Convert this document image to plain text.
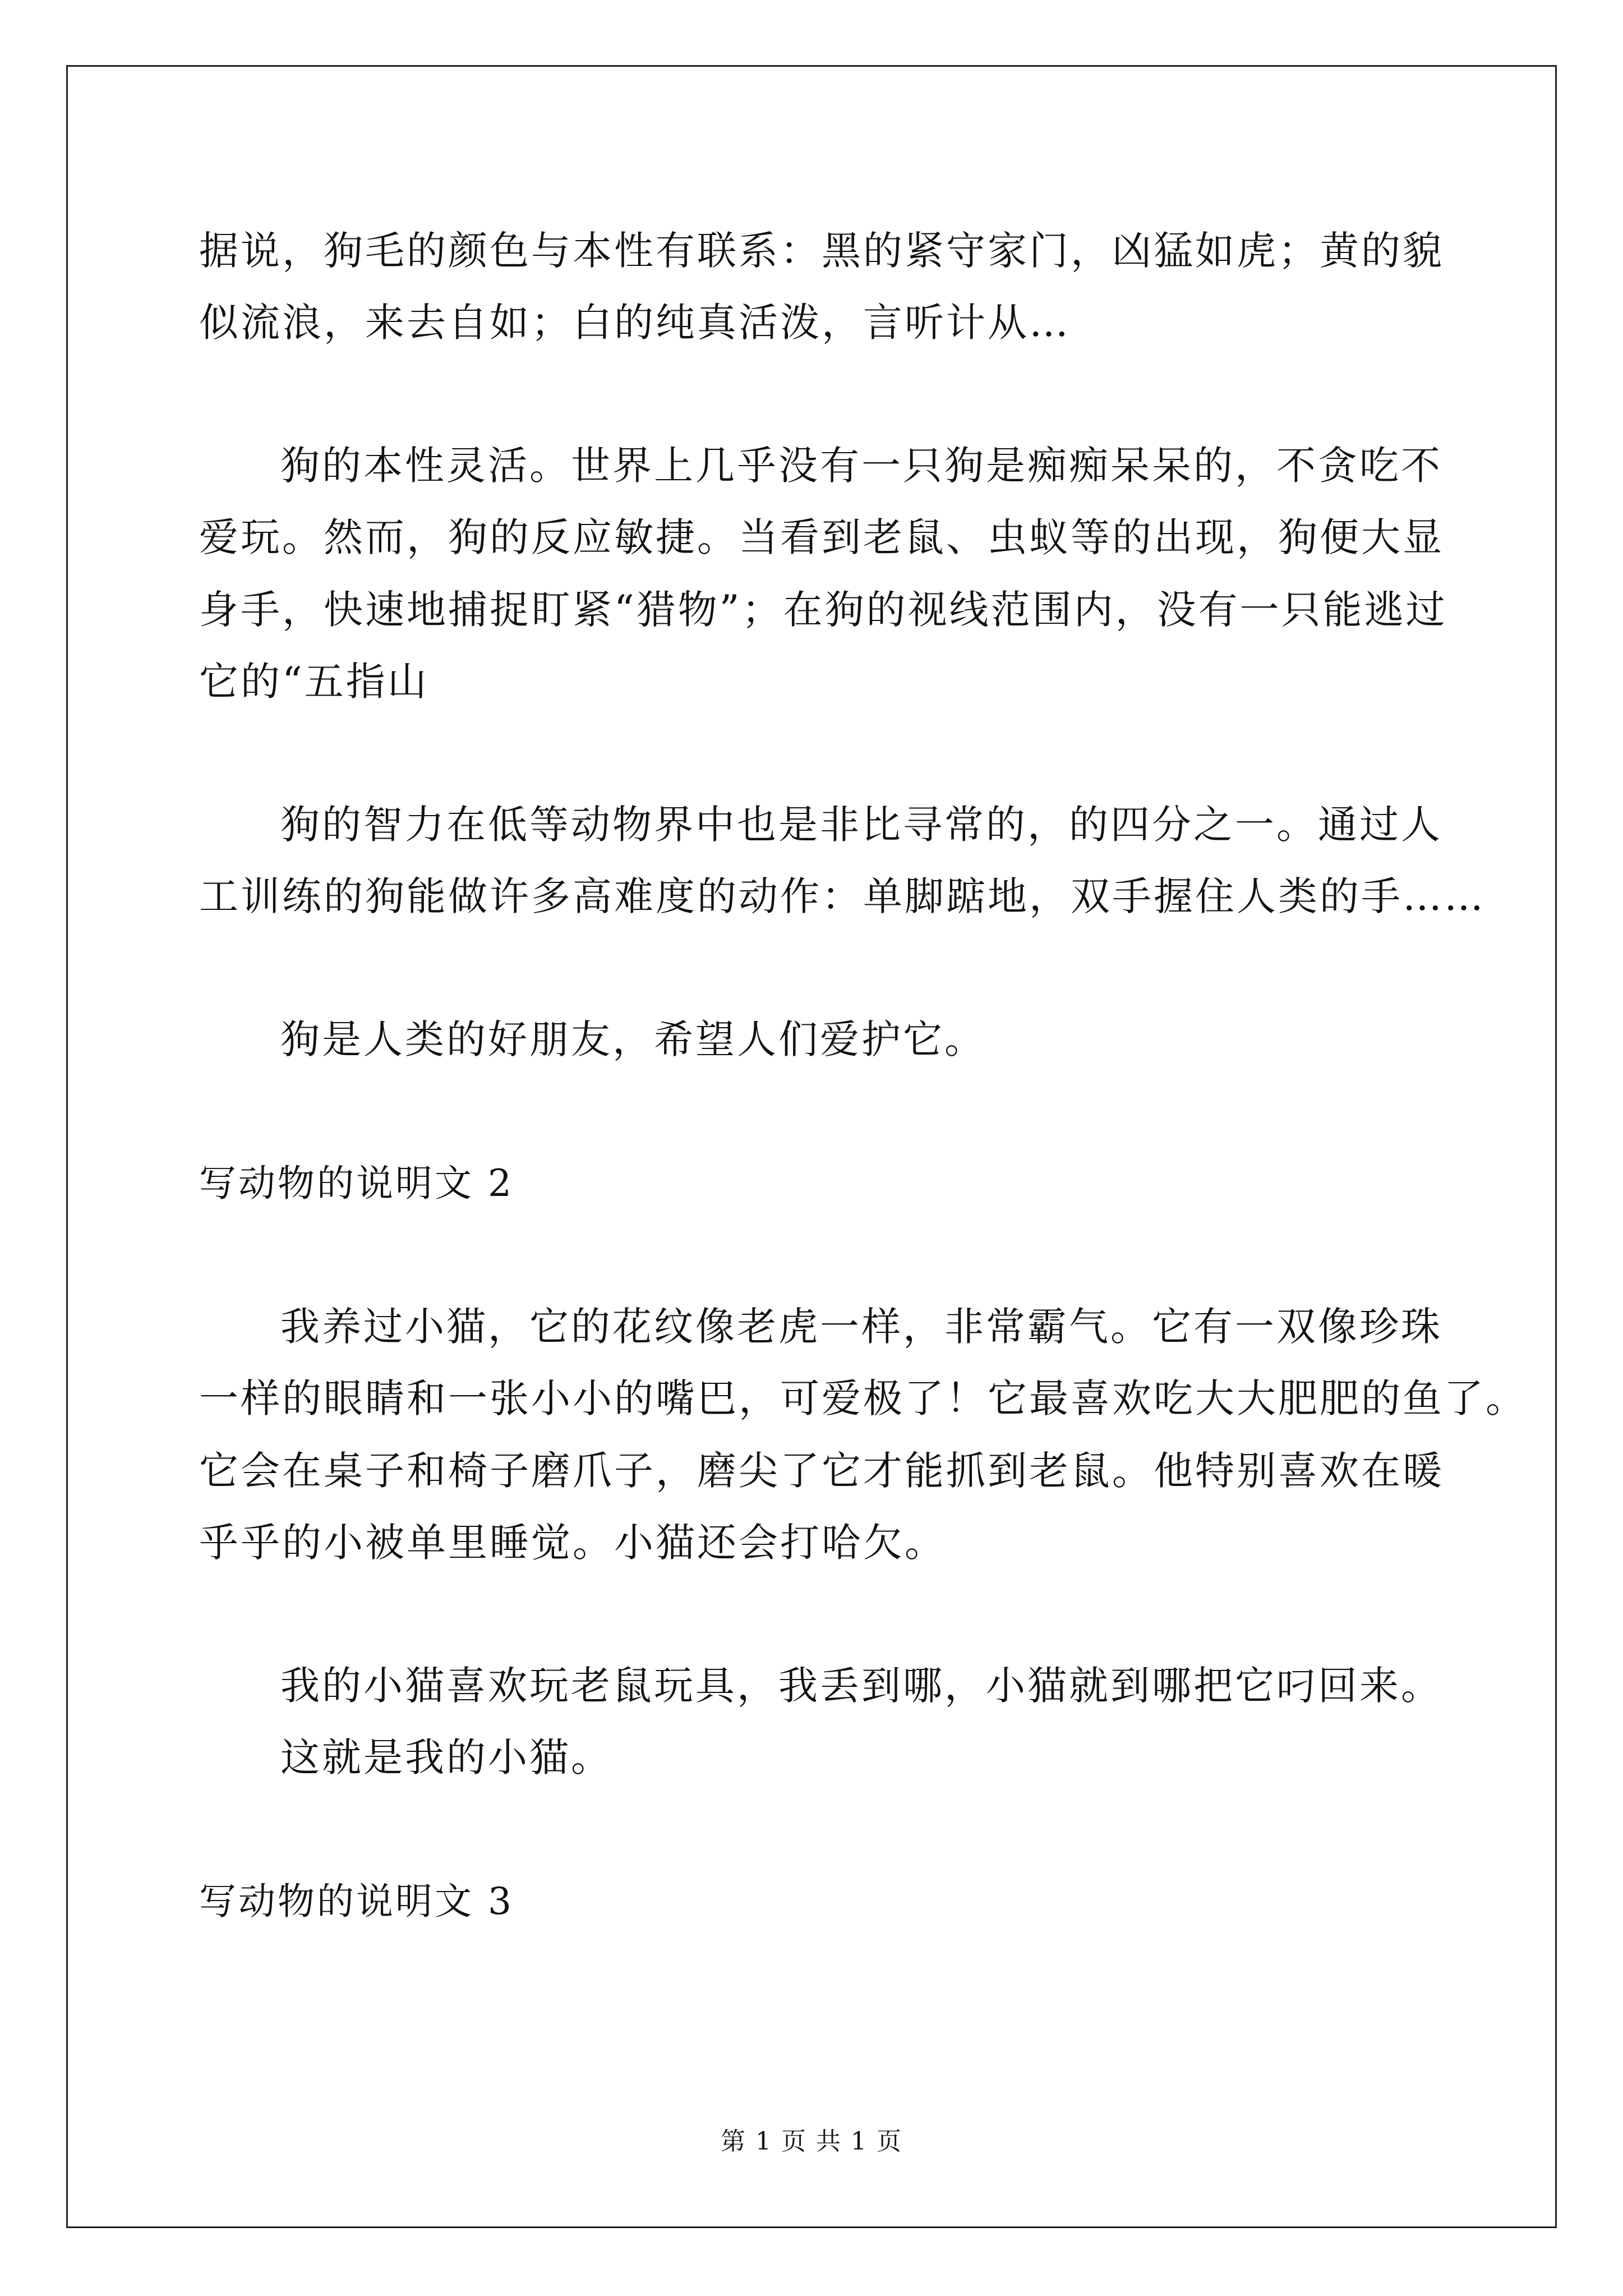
据说，狗毛的颜色与本性有联系：黑的紧守家门，凶猛如虎；黄的貌
似流浪，来去自如；白的纯真活泼，言听计从…
狗的本性灵活。世界上几乎没有一只狗是痴痴呆呆的，不贪吃不
爱玩。然而，狗的反应敏捷。当看到老鼠、虫蚁等的出现，狗便大显
身手，快速地捕捉盯紧“猎物”；在狗的视线范围内，没有一只能逃过
它的“五指山
狗的智力在低等动物界中也是非比寻常的，的四分之一。通过人
工训练的狗能做许多高难度的动作：单脚踮地，双手握住人类的手……
狗是人类的好朋友，希望人们爱护它。
写动物的说明文 2
我养过小猫，它的花纹像老虎一样，非常霸气。它有一双像珍珠
一样的眼睛和一张小小的嘴巴，可爱极了！它最喜欢吃大大肥肥的鱼了。
它会在桌子和椅子磨爪子，磨尖了它才能抓到老鼠。他特别喜欢在暖
乎乎的小被单里睡觉。小猫还会打哈欠。
我的小猫喜欢玩老鼠玩具，我丢到哪，小猫就到哪把它叼回来。
这就是我的小猫。
写动物的说明文 3
第 1 页 共 1 页
